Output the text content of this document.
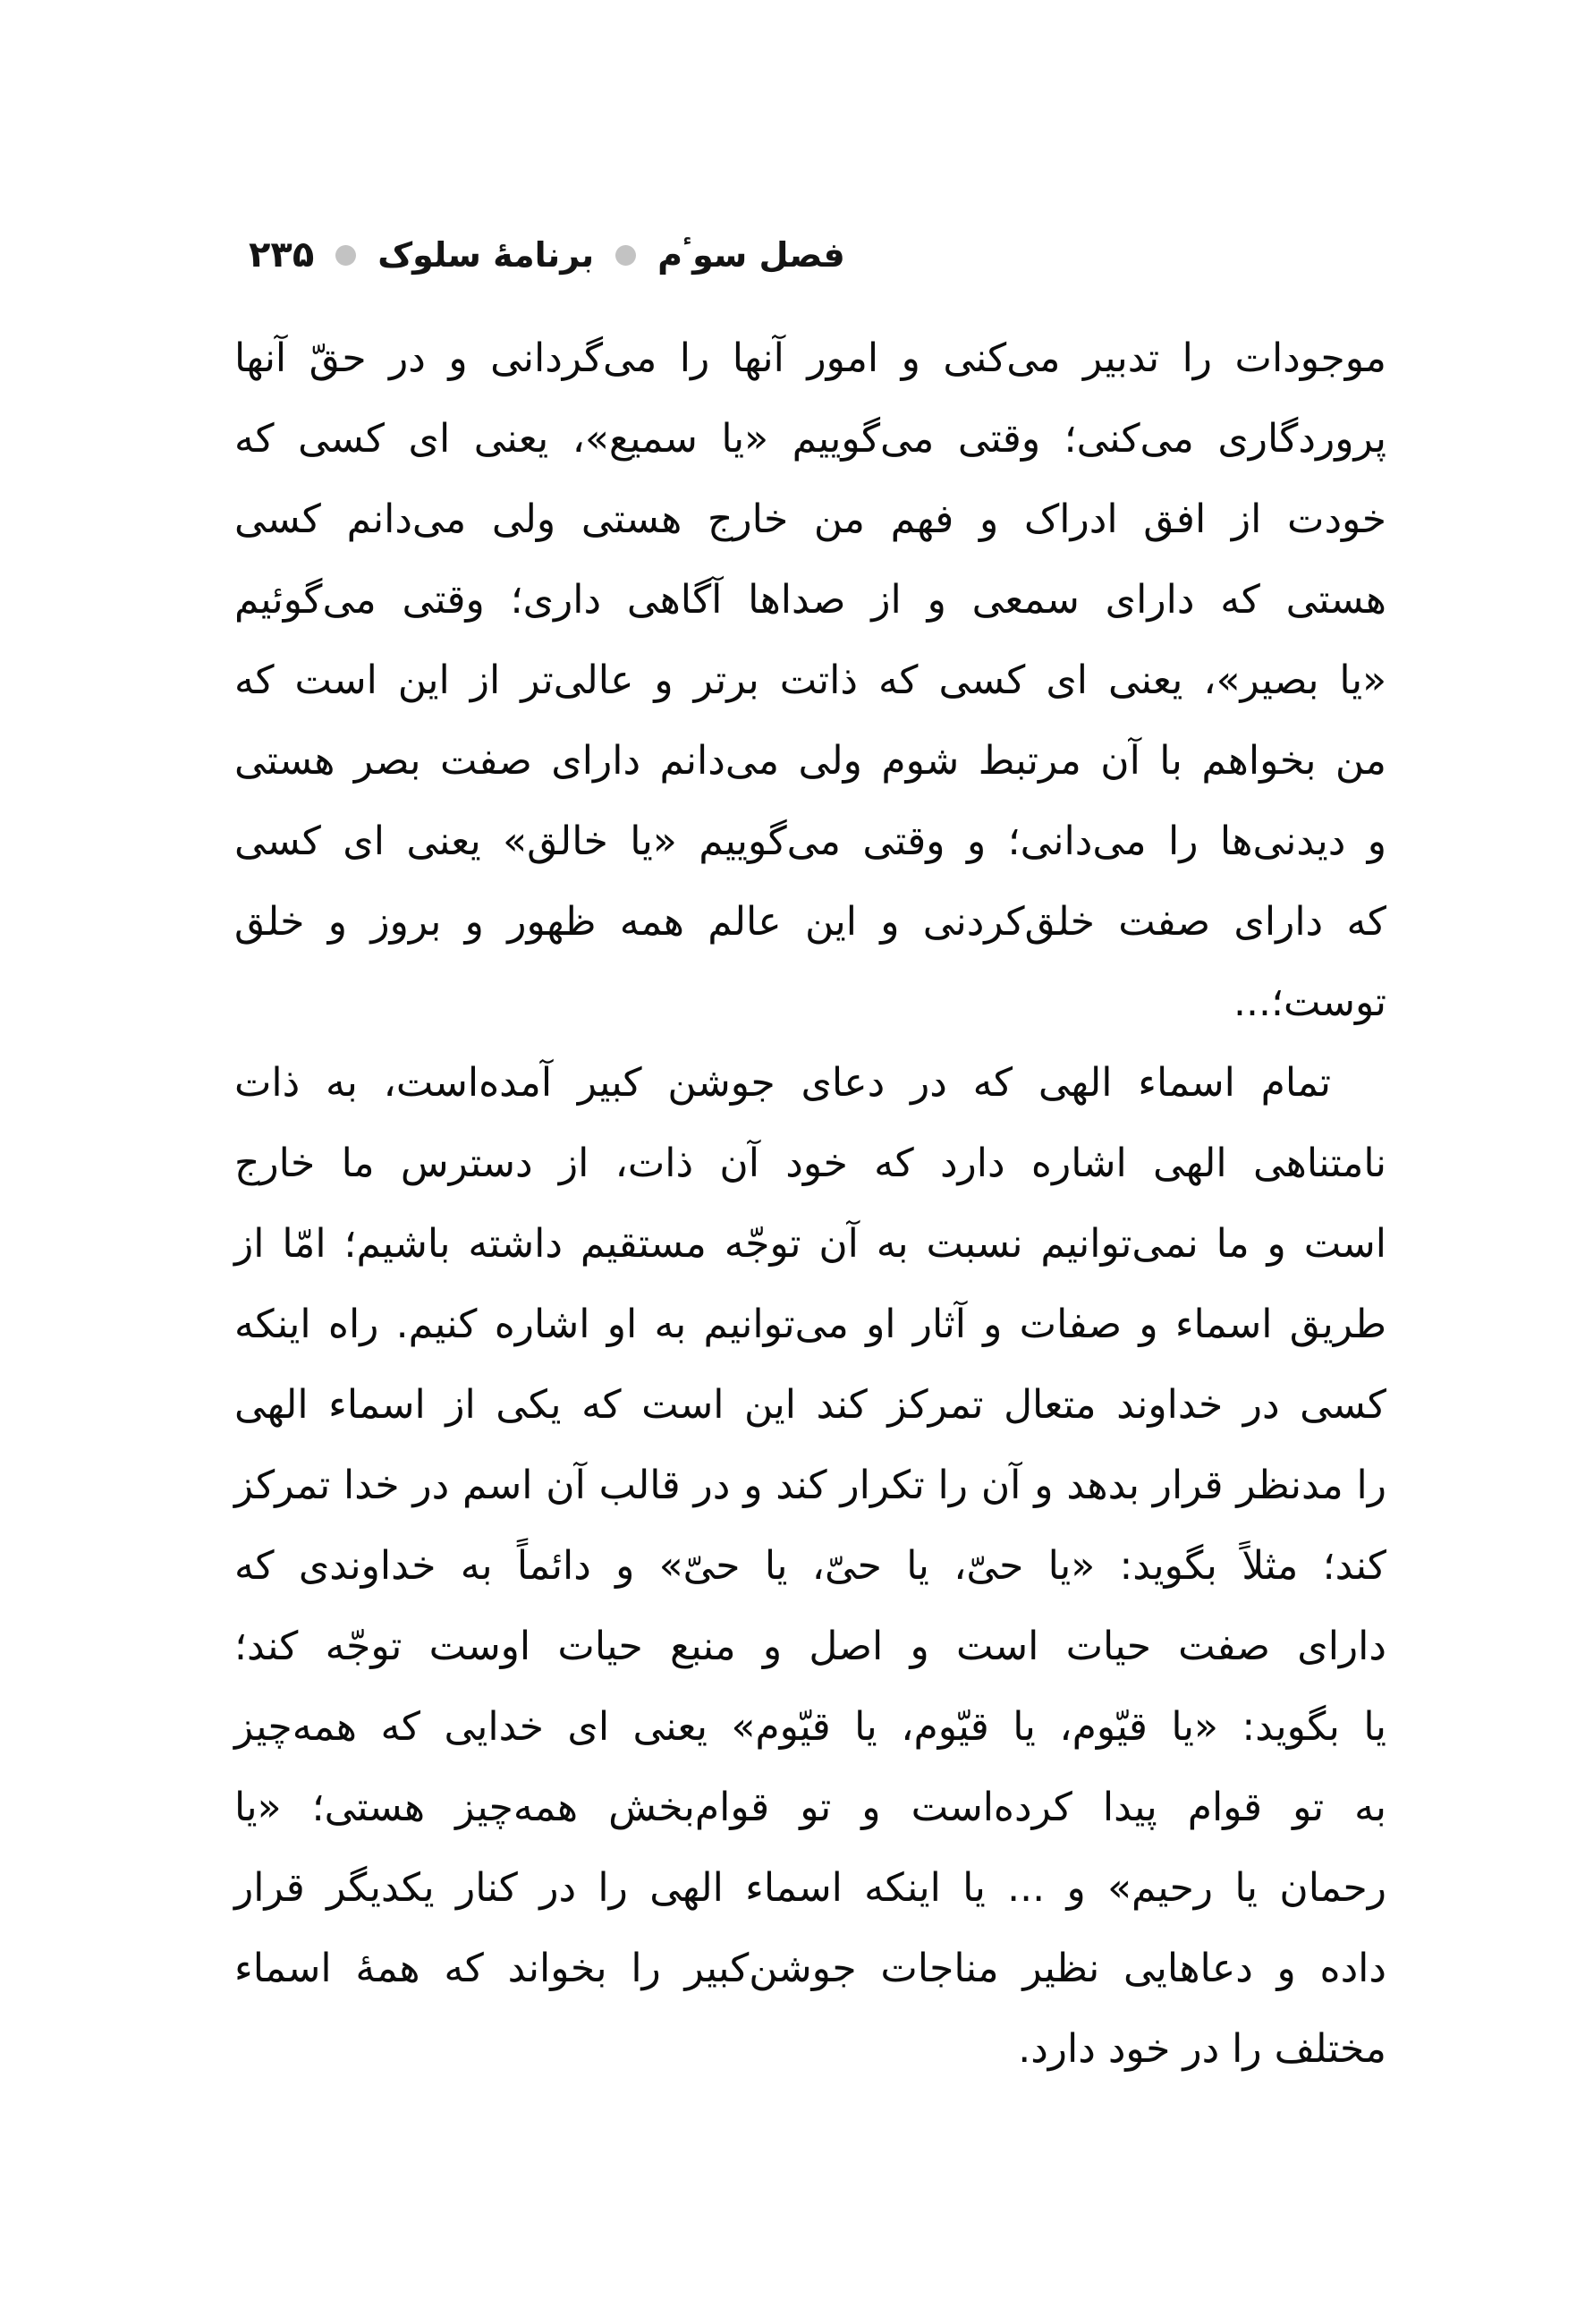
فصل سوٴم
برنامهٔ سلوک
۲۳۵
موجودات را تدبیر می‌کنی و امور آنها را می‌گردانی و در حقّ آنها
پروردگاری می‌کنی؛ وقتی می‌گوییم «یا سمیع»، یعنی ای کسی که
خودت از افق ادراک و فهم من خارج هستی ولی می‌دانم کسی
هستی که دارای سمعی و از صداها آگاهی داری؛ وقتی می‌گوئیم
«یا بصیر»، یعنی ای کسی که ذاتت برتر و عالی‌تر از این است که
من بخواهم با آن مرتبط شوم ولی می‌دانم دارای صفت بصر هستی
و دیدنی‌ها را می‌دانی؛ و وقتی می‌گوییم «یا خالق» یعنی ای کسی
که دارای صفت خلق‌کردنی و این عالم همه ظهور و بروز و خلق
توست؛...
تمام اسماء الهی که در دعای جوشن کبیر آمده‌است، به ذات
نامتناهی الهی اشاره دارد که خود آن ذات، از دسترس ما خارج
است و ما نمی‌توانیم نسبت به آن توجّه مستقیم داشته باشیم؛ امّا از
طریق اسماء و صفات و آثار او می‌توانیم به او اشاره کنیم. راه اینکه
کسی در خداوند متعال تمرکز کند این است که یکی از اسماء الهی
را مدنظر قرار بدهد و آن را تکرار کند و در قالب آن اسم در خدا تمرکز
کند؛ مثلاً بگوید: «یا حیّ، یا حیّ، یا حیّ» و دائماً به خداوندی که
دارای صفت حیات است و اصل و منبع حیات اوست توجّه کند؛
یا بگوید: «یا قیّوم، یا قیّوم، یا قیّوم» یعنی ای خدایی که همه‌چیز
به تو قوام پیدا کرده‌است و تو قوام‌بخش همه‌چیز هستی؛ «یا
رحمان یا رحیم» و ... یا اینکه اسماء الهی را در کنار یکدیگر قرار
داده و دعاهایی نظیر مناجات جوشن‌کبیر را بخواند که همهٔ اسماء
مختلف را در خود دارد.
